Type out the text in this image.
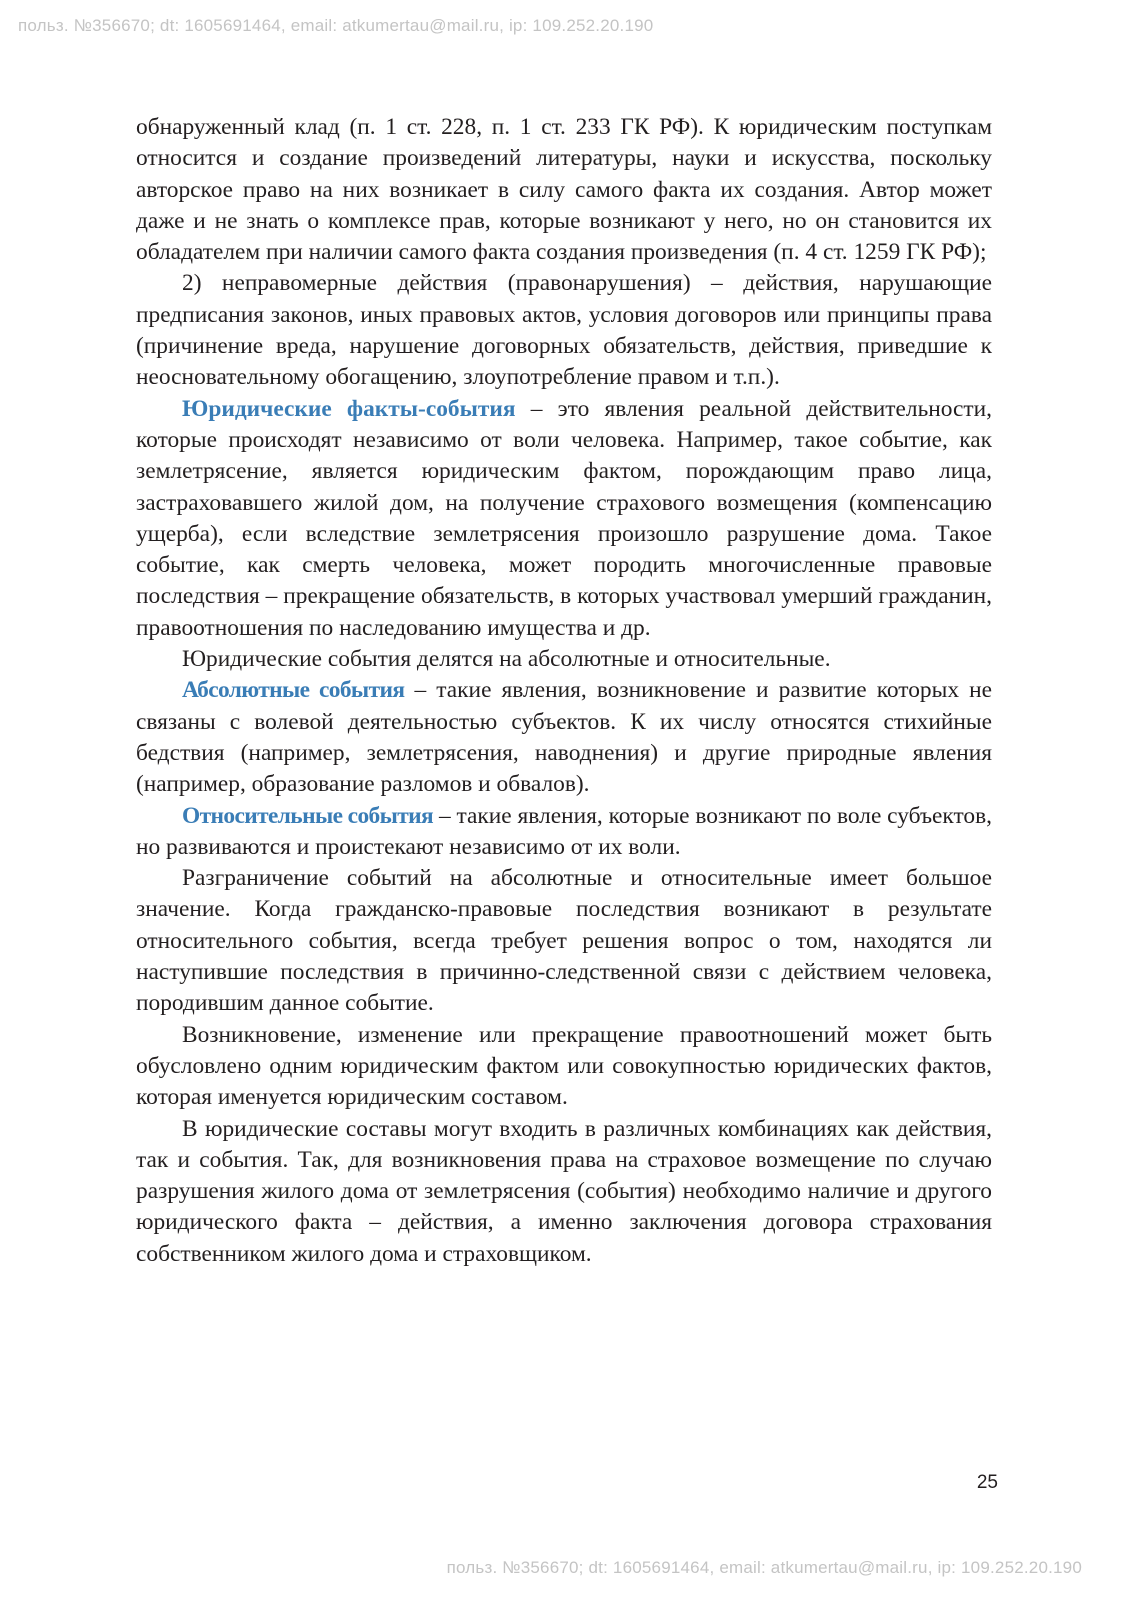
польз. №356670; dt: 1605691464, email: atkumertau@mail.ru, ip: 109.252.20.190

обнаруженный клад (п. 1 ст. 228, п. 1 ст. 233 ГК РФ). К юридическим поступкам относится и создание произведений литературы, науки и искусства, поскольку авторское право на них возникает в силу самого факта их создания. Автор может даже и не знать о комплексе прав, которые возникают у него, но он становится их обладателем при наличии самого факта создания произведения (п. 4 ст. 1259 ГК РФ);

2) неправомерные действия (правонарушения) – действия, нарушающие предписания законов, иных правовых актов, условия договоров или принципы права (причинение вреда, нарушение договорных обязательств, действия, приведшие к неосновательному обогащению, злоупотребление правом и т.п.).

Юридические факты-события – это явления реальной действительности, которые происходят независимо от воли человека. Например, такое событие, как землетрясение, является юридическим фактом, порождающим право лица, застраховавшего жилой дом, на получение страхового возмещения (компенсацию ущерба), если вследствие землетрясения произошло разрушение дома. Такое событие, как смерть человека, может породить многочисленные правовые последствия – прекращение обязательств, в которых участвовал умерший гражданин, правоотношения по наследованию имущества и др.

Юридические события делятся на абсолютные и относительные.

Абсолютные события – такие явления, возникновение и развитие которых не связаны с волевой деятельностью субъектов. К их числу относятся стихийные бедствия (например, землетрясения, наводнения) и другие природные явления (например, образование разломов и обвалов).

Относительные события – такие явления, которые возникают по воле субъектов, но развиваются и проистекают независимо от их воли.

Разграничение событий на абсолютные и относительные имеет большое значение. Когда гражданско-правовые последствия возникают в результате относительного события, всегда требует решения вопрос о том, находятся ли наступившие последствия в причинно-следственной связи с действием человека, породившим данное событие.

Возникновение, изменение или прекращение правоотношений может быть обусловлено одним юридическим фактом или совокупностью юридических фактов, которая именуется юридическим составом.

В юридические составы могут входить в различных комбинациях как действия, так и события. Так, для возникновения права на страховое возмещение по случаю разрушения жилого дома от землетрясения (события) необходимо наличие и другого юридического факта – действия, а именно заключения договора страхования собственником жилого дома и страховщиком.

25
польз. №356670; dt: 1605691464, email: atkumertau@mail.ru, ip: 109.252.20.190
